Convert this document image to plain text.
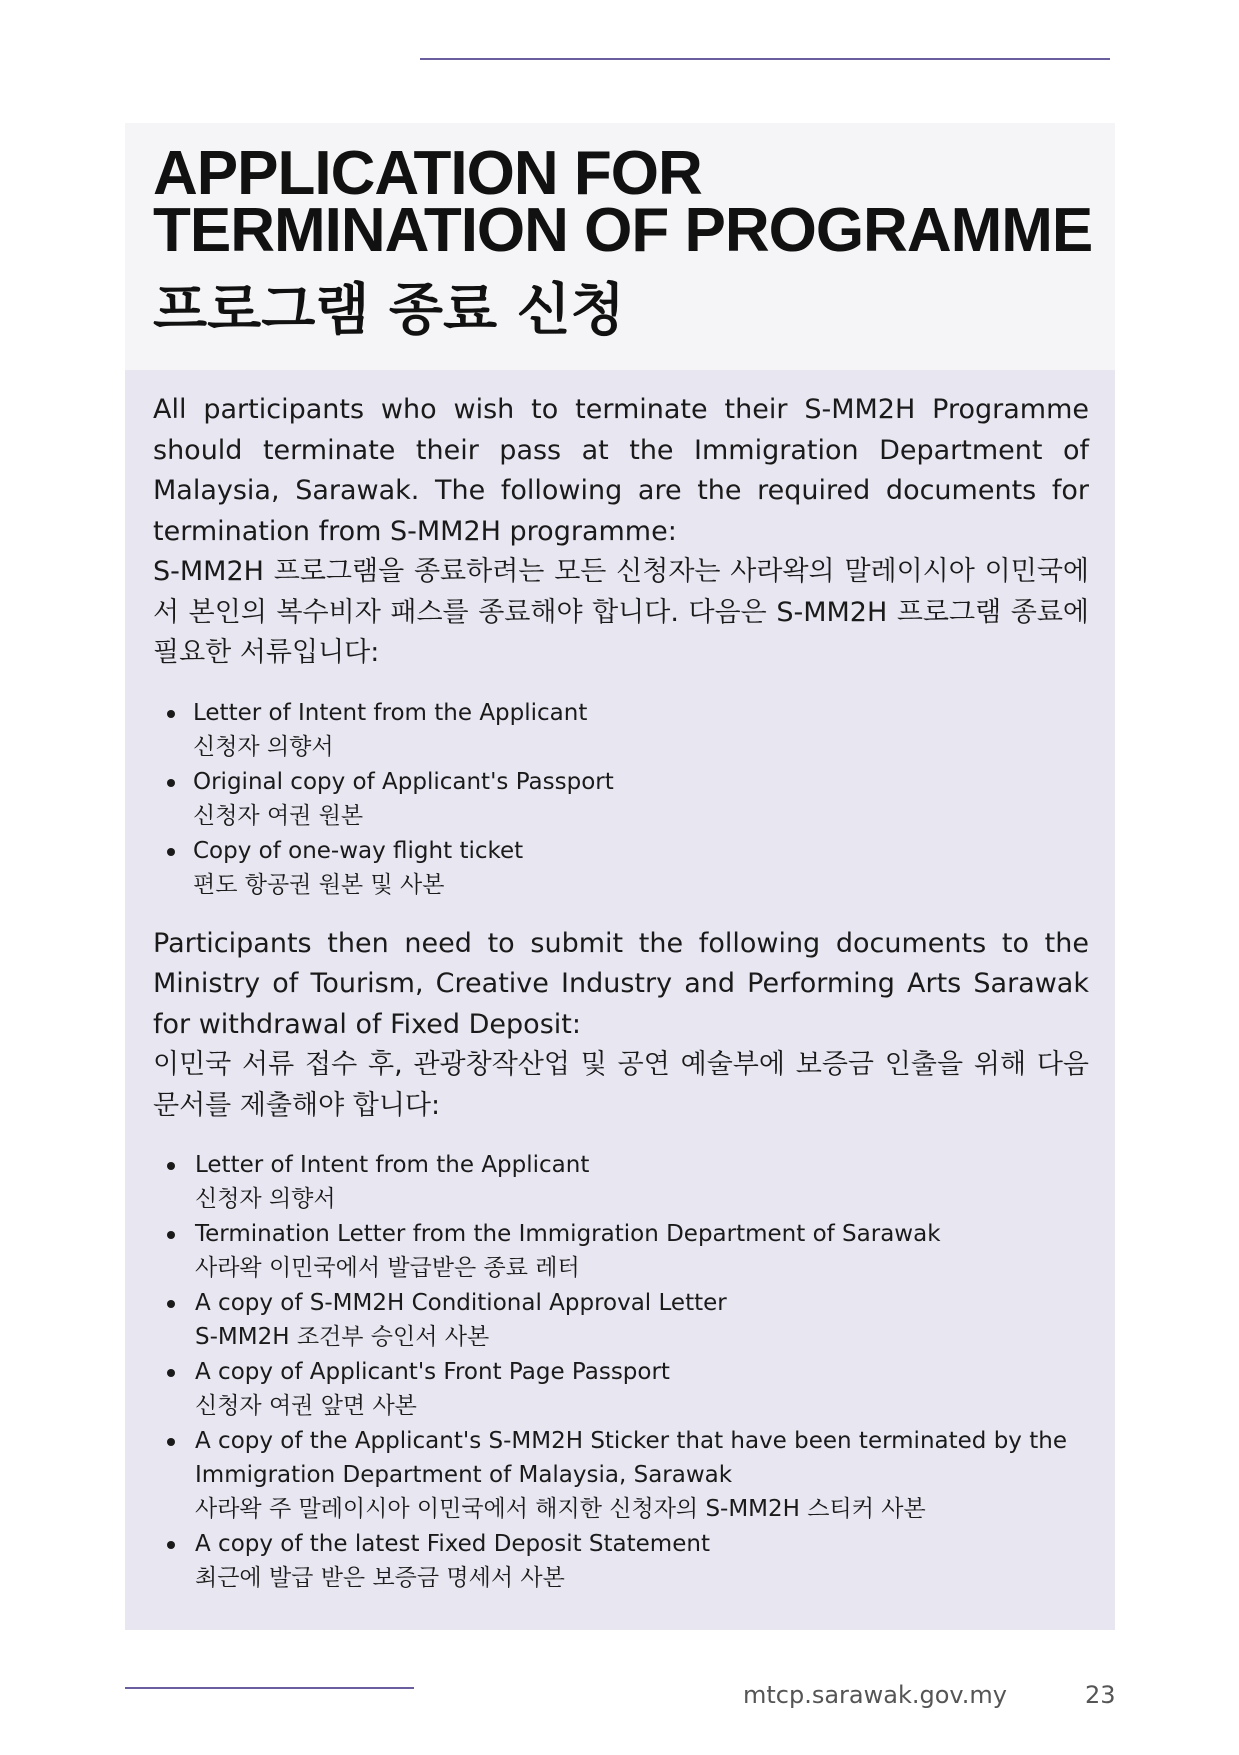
APPLICATION FOR
TERMINATION OF PROGRAMME
프로그램 종료 신청

All participants who wish to terminate their S-MM2H Programme should terminate their pass at the Immigration Department of Malaysia, Sarawak. The following are the required documents for termination from S-MM2H programme:

S-MM2H 프로그램을 종료하려는 모든 신청자는 사라왁의 말레이시아 이민국에서 본인의 복수비자 패스를 종료해야 합니다. 다음은 S-MM2H 프로그램 종료에 필요한 서류입니다:

Letter of Intent from the Applicant
신청자 의향서
Original copy of Applicant's Passport
신청자 여권 원본
Copy of one-way flight ticket
편도 항공권 원본 및 사본

Participants then need to submit the following documents to the Ministry of Tourism, Creative Industry and Performing Arts Sarawak for withdrawal of Fixed Deposit:

이민국 서류 접수 후, 관광창작산업 및 공연 예술부에 보증금 인출을 위해 다음 문서를 제출해야 합니다:

Letter of Intent from the Applicant
신청자 의향서
Termination Letter from the Immigration Department of Sarawak
사라왁 이민국에서 발급받은 종료 레터
A copy of S-MM2H Conditional Approval Letter
S-MM2H 조건부 승인서 사본
A copy of Applicant's Front Page Passport
신청자 여권 앞면 사본
A copy of the Applicant's S-MM2H Sticker that have been terminated by the Immigration Department of Malaysia, Sarawak
사라왁 주 말레이시아 이민국에서 해지한 신청자의 S-MM2H 스티커 사본
A copy of the latest Fixed Deposit Statement
최근에 발급 받은 보증금 명세서 사본
mtcp.sarawak.gov.my	23
